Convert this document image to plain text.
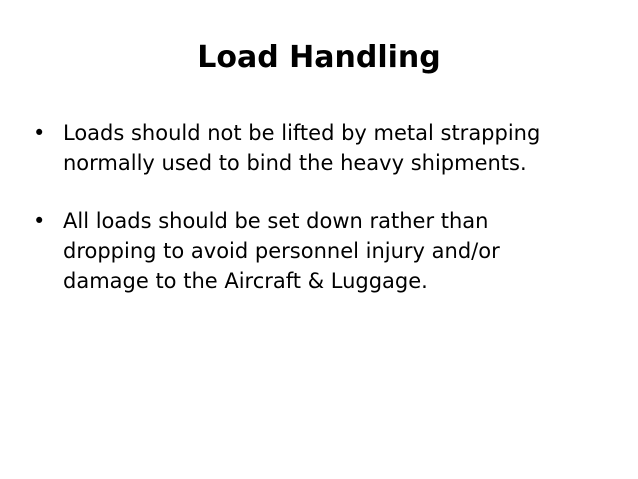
Load Handling
• Loads should not be lifted by metal strapping
normally used to bind the heavy shipments.
• All loads should be set down rather than
dropping to avoid personnel injury and/or
damage to the Aircraft & Luggage.
